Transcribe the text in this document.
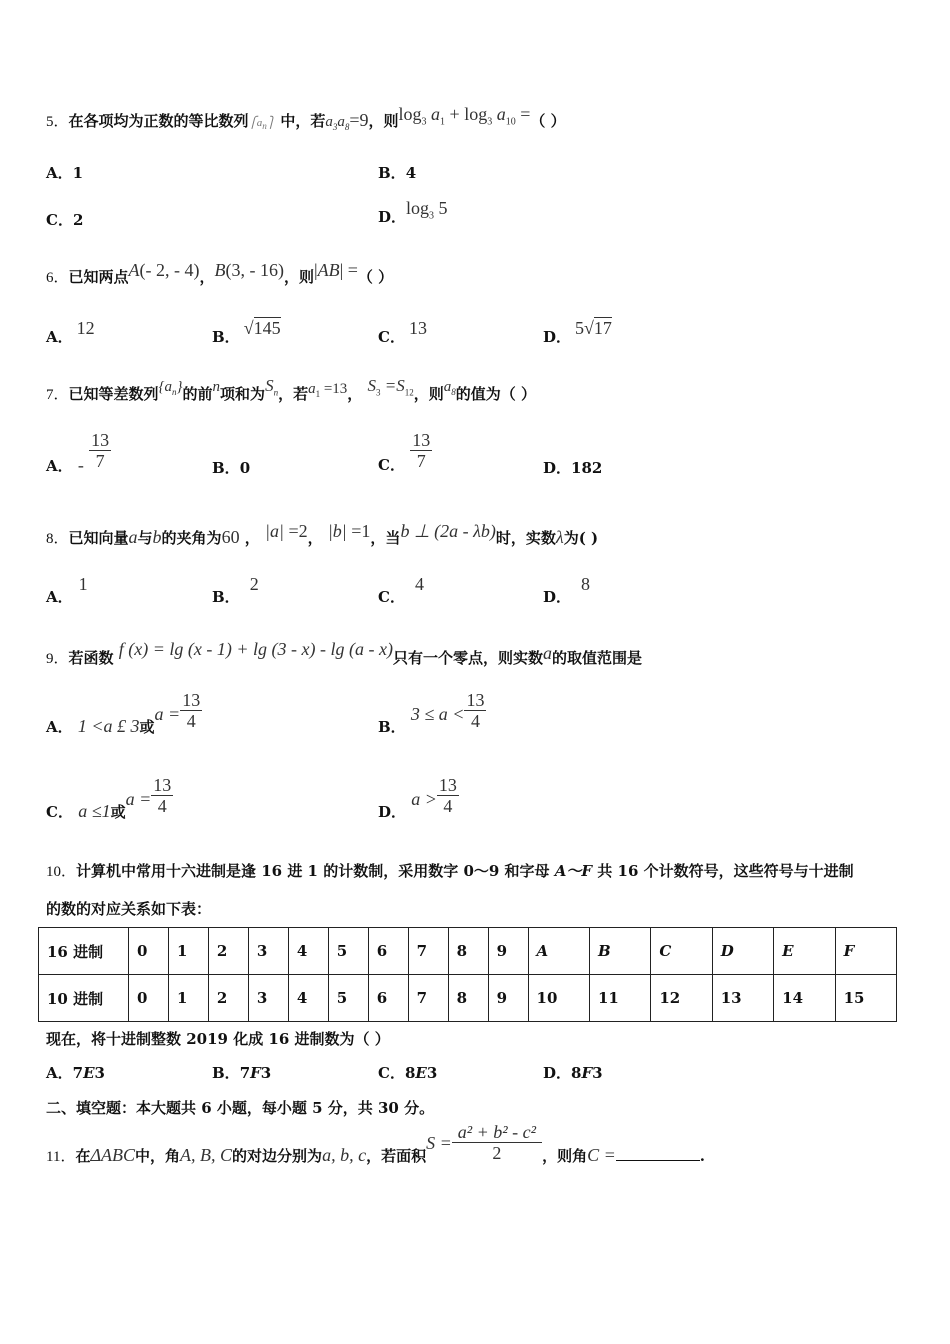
5．在各项均为正数的等比数列$⎧a_n⎫$ 中，若$a_3a_8=9$，则$\log_3 a_1 + \log_3 a_{10}$ =（ ）
A．1	B．4
C．2	D．$\log_3 5$
6．已知两点A(- 2, - 4)，B(3, - 16)，则|AB| =（ ）
A． 12	B． √145	C． 13	D． 5√17
7．已知等差数列$\{a_n\}$的前n项和为$S_n$，若$a_1 =13$， $S_3 =S_{12}$，则$a_8$的值为（ ）
A． - $\frac{13}{7}$	B．0	C． $\frac{13}{7}$	D．182
8．已知向量a与b的夹角为60 ， |a| =2， |b| =1，当b ⊥ (2a - λb)时，实数λ为( )
A．1
B．2
C．4
D．8
9．若函数 f (x) = lg (x - 1) + lg (3 - x) - lg (a - x)只有一个零点，则实数a的取值范围是
A． 1 <a £ 3或$a = \frac{13}{4}$	B． $3 \le a < \frac{13}{4}$
C． a ≤1或$a = \frac{13}{4}$	D． $a > \frac{13}{4}$
10．计算机中常用十六进制是逢 16 进 1 的计数制，采用数字 0～9 和字母 A～F 共 16 个计数符号，这些符号与十进制
的数的对应关系如下表：
16 进制	0	1	2	3	4	5	6	7	8	9	A	B	C	D	E	F
10 进制	0	1	2	3	4	5	6	7	8	9	10	11	12	13	14	15
现在，将十进制整数 2019 化成 16 进制数为（ ）
A．7E3	B．7F3	C．8E3	D．8F3
二、填空题：本大题共 6 小题，每小题 5 分，共 30 分。
11．在ΔABC中，角A, B, C的对边分别为a, b, c，若面积$S = \frac{\text{a² + b² - c²}}{2}$ ，则角C =	.
